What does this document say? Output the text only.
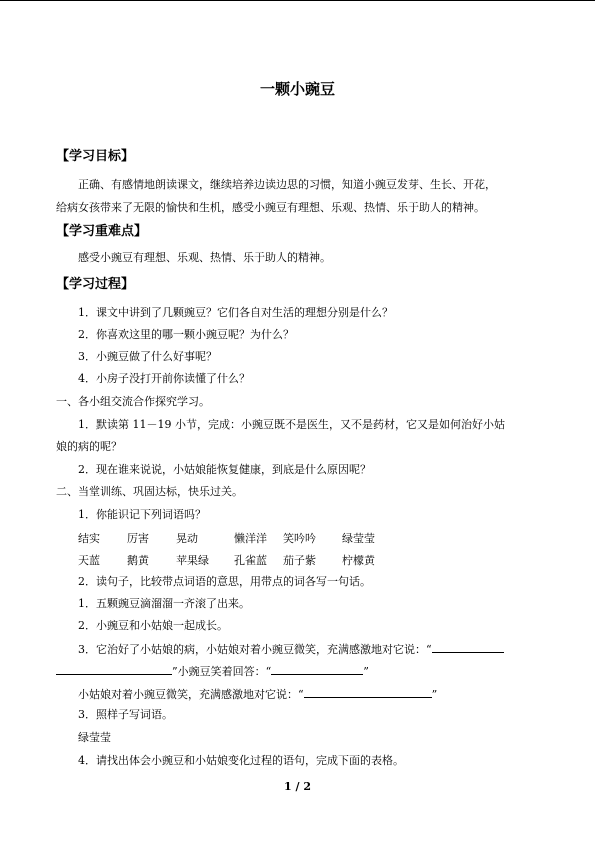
一颗小豌豆
【学习目标】
正确、有感情地朗读课文，继续培养边读边思的习惯，知道小豌豆发芽、生长、开花，
给病女孩带来了无限的愉快和生机，感受小豌豆有理想、乐观、热情、乐于助人的精神。
【学习重难点】
感受小豌豆有理想、乐观、热情、乐于助人的精神。
【学习过程】
1．课文中讲到了几颗豌豆？它们各自对生活的理想分别是什么？
2．你喜欢这里的哪一颗小豌豆呢？为什么？
3．小豌豆做了什么好事呢？
4．小房子没打开前你读懂了什么？
一、各小组交流合作探究学习。
1．默读第 11－19 小节，完成：小豌豆既不是医生，又不是药材，它又是如何治好小姑
娘的病的呢？
2．现在谁来说说，小姑娘能恢复健康，到底是什么原因呢？
二、当堂训练、巩固达标，快乐过关。
1．你能识记下列词语吗？
结实 厉害 晃动	懒洋洋 笑吟吟 绿莹莹
天蓝 鹅黄 苹果绿 孔雀蓝 茄子紫 柠檬黄
2．读句子，比较带点词语的意思，用带点的词各写一句话。
1．五颗豌豆滴溜溜一齐滚了出来。
2．小豌豆和小姑娘一起成长。
3．它治好了小姑娘的病，小姑娘对着小豌豆微笑，充满感激地对它说：“
”小豌豆笑着回答：“	”
小姑娘对着小豌豆微笑，充满感激地对它说：“	”
3．照样子写词语。
绿莹莹
4．请找出体会小豌豆和小姑娘变化过程的语句，完成下面的表格。
1 / 2
